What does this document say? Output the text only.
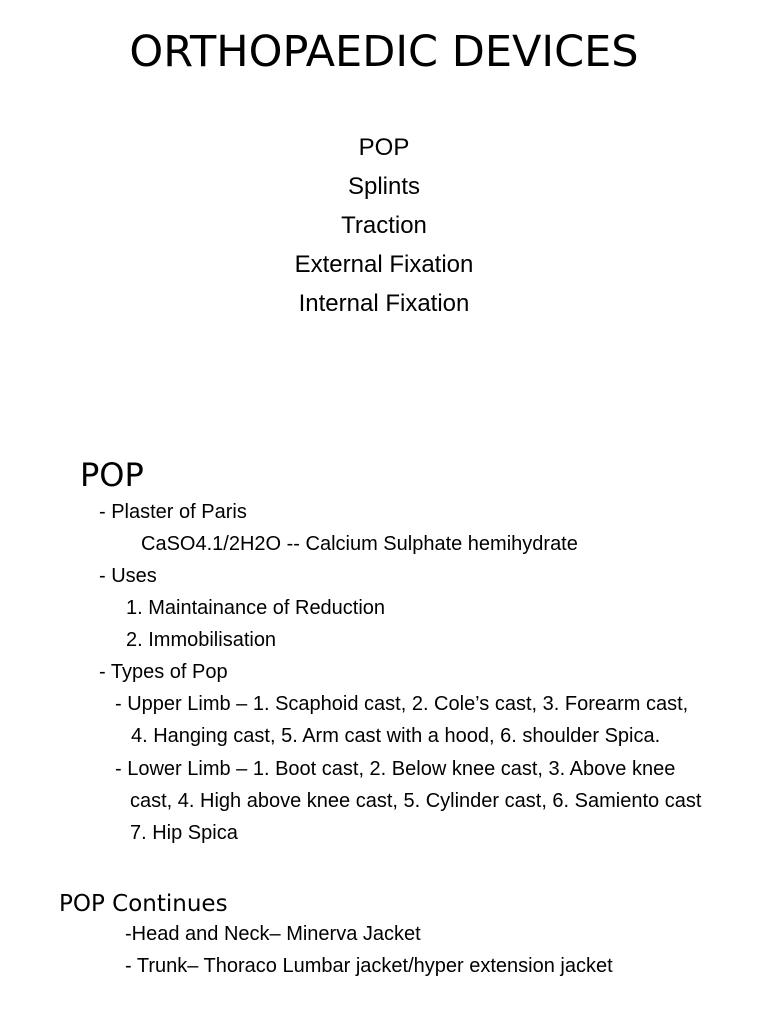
ORTHOPAEDIC DEVICES
POP
Splints
Traction
External Fixation
Internal Fixation
POP
- Plaster of Paris
CaSO4.1/2H2O -- Calcium Sulphate hemihydrate
- Uses
1. Maintainance of Reduction
2. Immobilisation
- Types of Pop
- Upper Limb – 1. Scaphoid cast, 2. Cole’s cast, 3. Forearm cast,
4. Hanging cast, 5. Arm cast with a hood, 6. shoulder Spica.
- Lower Limb – 1. Boot cast, 2. Below knee cast, 3. Above knee
cast, 4. High above knee cast, 5. Cylinder cast, 6. Samiento cast
7. Hip Spica
POP Continues
-Head and Neck– Minerva Jacket
- Trunk– Thoraco Lumbar jacket/hyper extension jacket
